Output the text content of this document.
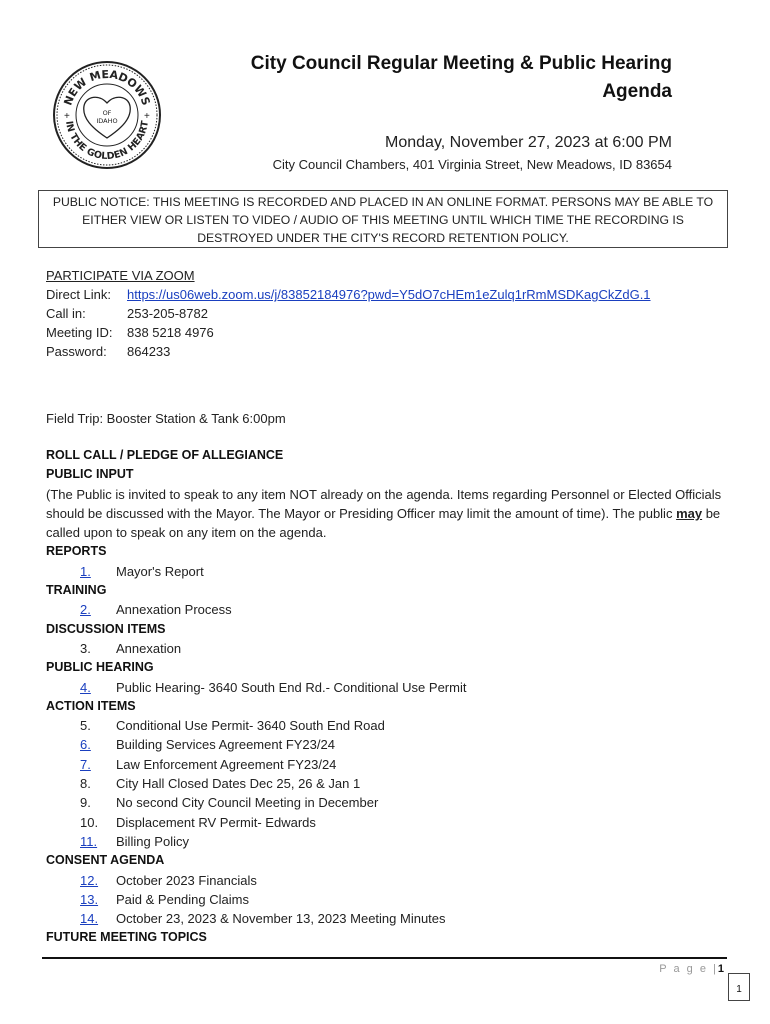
NEW MEADOWS
IN THE GOLDEN HEART
+	+
OF
IDAHO
City Council Regular Meeting & Public Hearing
Agenda
Monday, November 27, 2023 at 6:00 PM
City Council Chambers, 401 Virginia Street, New Meadows, ID 83654
PUBLIC NOTICE: THIS MEETING IS RECORDED AND PLACED IN AN ONLINE FORMAT. PERSONS MAY BE ABLE TO EITHER VIEW OR LISTEN TO VIDEO / AUDIO OF THIS MEETING UNTIL WHICH TIME THE RECORDING IS DESTROYED UNDER THE CITY'S RECORD RETENTION POLICY.
PARTICIPATE VIA ZOOM
Direct Link:	https://us06web.zoom.us/j/83852184976?pwd=Y5dO7cHEm1eZulq1rRmMSDKagCkZdG.1
Call in:	253-205-8782
Meeting ID:	838 5218 4976
Password:	864233
Field Trip: Booster Station & Tank 6:00pm
ROLL CALL / PLEDGE OF ALLEGIANCE
PUBLIC INPUT
(The Public is invited to speak to any item NOT already on the agenda. Items regarding Personnel or Elected Officials should be discussed with the Mayor. The Mayor or Presiding Officer may limit the amount of time). The public may be called upon to speak on any item on the agenda.
REPORTS
1.	Mayor's Report
TRAINING
2.	Annexation Process
DISCUSSION ITEMS
3.	Annexation
PUBLIC HEARING
4.	Public Hearing- 3640 South End Rd.- Conditional Use Permit
ACTION ITEMS
5.	Conditional Use Permit- 3640 South End Road
6.	Building Services Agreement FY23/24
7.	Law Enforcement Agreement FY23/24
8.	City Hall Closed Dates Dec 25, 26 & Jan 1
9.	No second City Council Meeting in December
10.	Displacement RV Permit- Edwards
11.	Billing Policy
CONSENT AGENDA
12.	October 2023 Financials
13.	Paid & Pending Claims
14.	October 23, 2023 & November 13, 2023 Meeting Minutes
FUTURE MEETING TOPICS
P a g e |1
1
